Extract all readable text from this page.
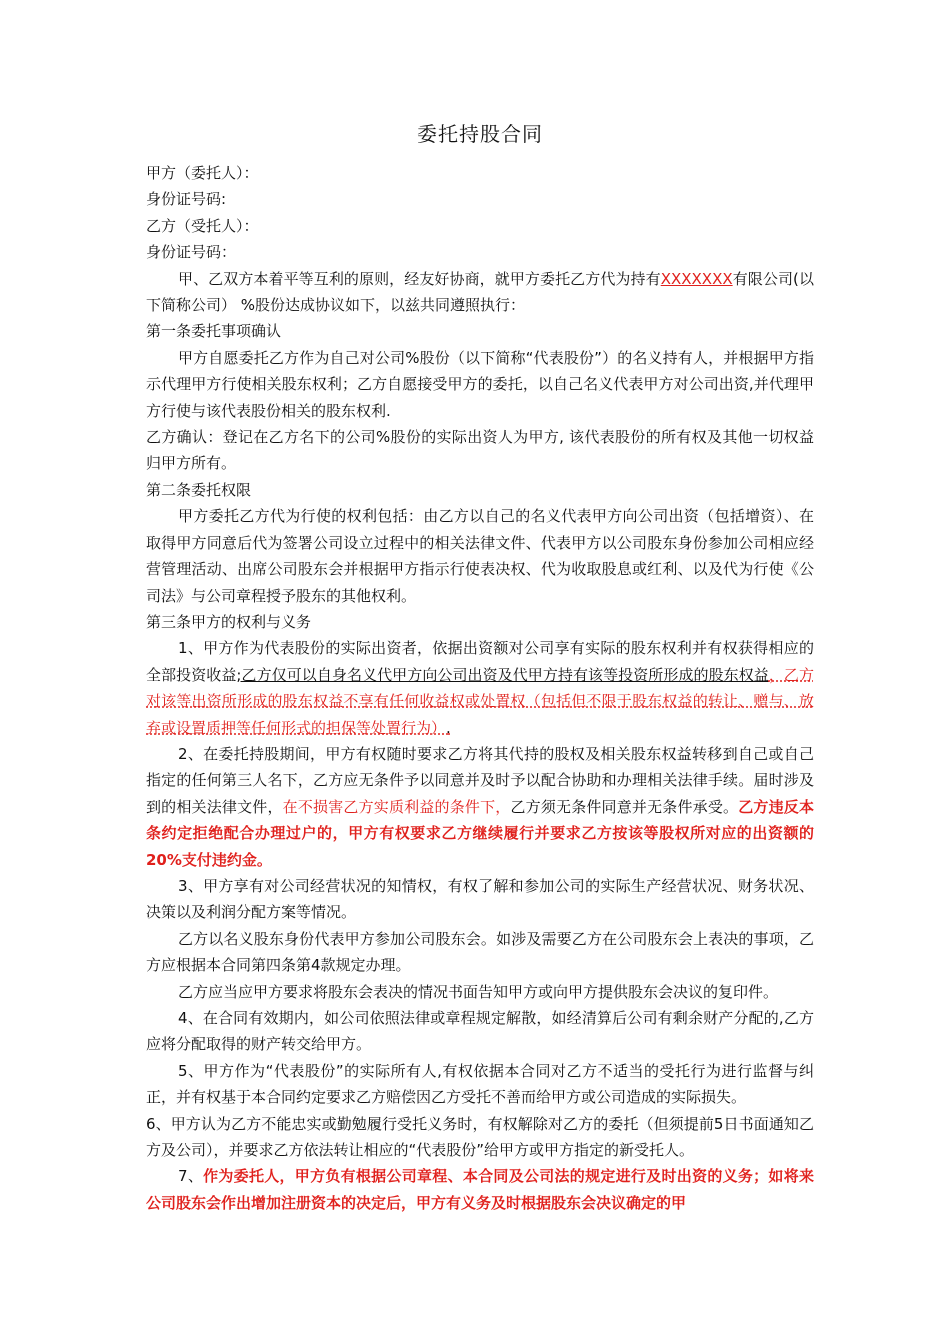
委托持股合同

甲方（委托人）：

身份证号码:

乙方（受托人）：

身份证号码：

甲、乙双方本着平等互利的原则，经友好协商，就甲方委托乙方代为持有XXXXXXX有限公司(以下简称公司） %股份达成协议如下，以兹共同遵照执行：

第一条委托事项确认

甲方自愿委托乙方作为自己对公司%股份（以下简称“代表股份”）的名义持有人，并根据甲方指示代理甲方行使相关股东权利；乙方自愿接受甲方的委托，以自己名义代表甲方对公司出资,并代理甲方行使与该代表股份相关的股东权利.

乙方确认：登记在乙方名下的公司%股份的实际出资人为甲方, 该代表股份的所有权及其他一切权益归甲方所有。

第二条委托权限

甲方委托乙方代为行使的权利包括：由乙方以自己的名义代表甲方向公司出资（包括增资）、在取得甲方同意后代为签署公司设立过程中的相关法律文件、代表甲方以公司股东身份参加公司相应经营管理活动、出席公司股东会并根据甲方指示行使表决权、代为收取股息或红利、以及代为行使《公司法》与公司章程授予股东的其他权利。

第三条甲方的权利与义务

1、甲方作为代表股份的实际出资者，依据出资额对公司享有实际的股东权利并有权获得相应的全部投资收益;乙方仅可以自身名义代甲方向公司出资及代甲方持有该等投资所形成的股东权益，乙方对该等出资所形成的股东权益不享有任何收益权或处置权（包括但不限于股东权益的转让、赠与、放弃或设置质押等任何形式的担保等处置行为）.

2、在委托持股期间，甲方有权随时要求乙方将其代持的股权及相关股东权益转移到自己或自己指定的任何第三人名下，乙方应无条件予以同意并及时予以配合协助和办理相关法律手续。届时涉及到的相关法律文件，在不损害乙方实质利益的条件下，乙方须无条件同意并无条件承受。乙方违反本条约定拒绝配合办理过户的，甲方有权要求乙方继续履行并要求乙方按该等股权所对应的出资额的20%支付违约金。

3、甲方享有对公司经营状况的知情权，有权了解和参加公司的实际生产经营状况、财务状况、决策以及利润分配方案等情况。

乙方以名义股东身份代表甲方参加公司股东会。如涉及需要乙方在公司股东会上表决的事项，乙方应根据本合同第四条第4款规定办理。

乙方应当应甲方要求将股东会表决的情况书面告知甲方或向甲方提供股东会决议的复印件。

4、在合同有效期内，如公司依照法律或章程规定解散，如经清算后公司有剩余财产分配的,乙方应将分配取得的财产转交给甲方。

5、甲方作为“代表股份”的实际所有人,有权依据本合同对乙方不适当的受托行为进行监督与纠正，并有权基于本合同约定要求乙方赔偿因乙方受托不善而给甲方或公司造成的实际损失。

6、甲方认为乙方不能忠实或勤勉履行受托义务时，有权解除对乙方的委托（但须提前5日书面通知乙方及公司），并要求乙方依法转让相应的“代表股份”给甲方或甲方指定的新受托人。

7、作为委托人，甲方负有根据公司章程、本合同及公司法的规定进行及时出资的义务；如将来公司股东会作出增加注册资本的决定后，甲方有义务及时根据股东会决议确定的甲
